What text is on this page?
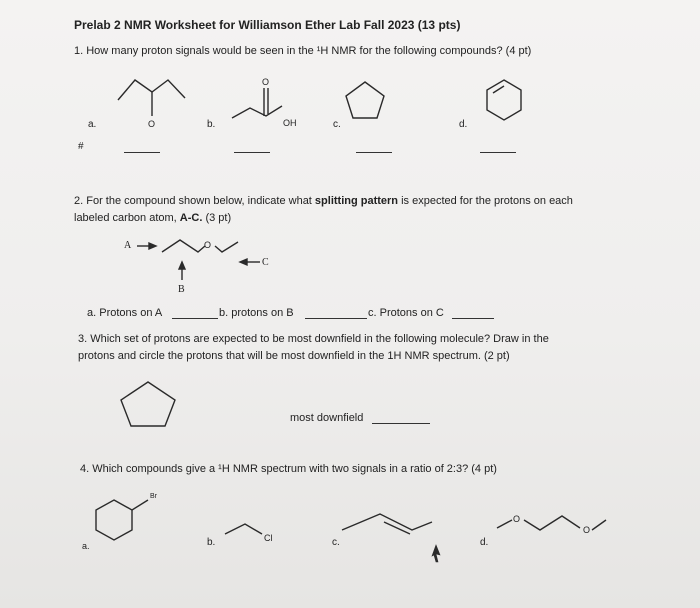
Prelab 2 NMR Worksheet for Williamson Ether Lab Fall 2023 (13 pts)
1. How many proton signals would be seen in the ¹H NMR for the following compounds? (4 pt)
a.	O	b.
O
OH	c.	d.
#
2. For the compound shown below, indicate what splitting pattern is expected for the protons on each
labeled carbon atom, A-C. (3 pt)
A	O
C
B
a. Protons on A	b. protons on B	c. Protons on C
3. Which set of protons are expected to be most downfield in the following molecule? Draw in the
protons and circle the protons that will be most downfield in the 1H NMR spectrum. (2 pt)
most downfield
4. Which compounds give a ¹H NMR spectrum with two signals in a ratio of 2:3? (4 pt)
a.
Br
b.	Cl	c.	d.
O
O
